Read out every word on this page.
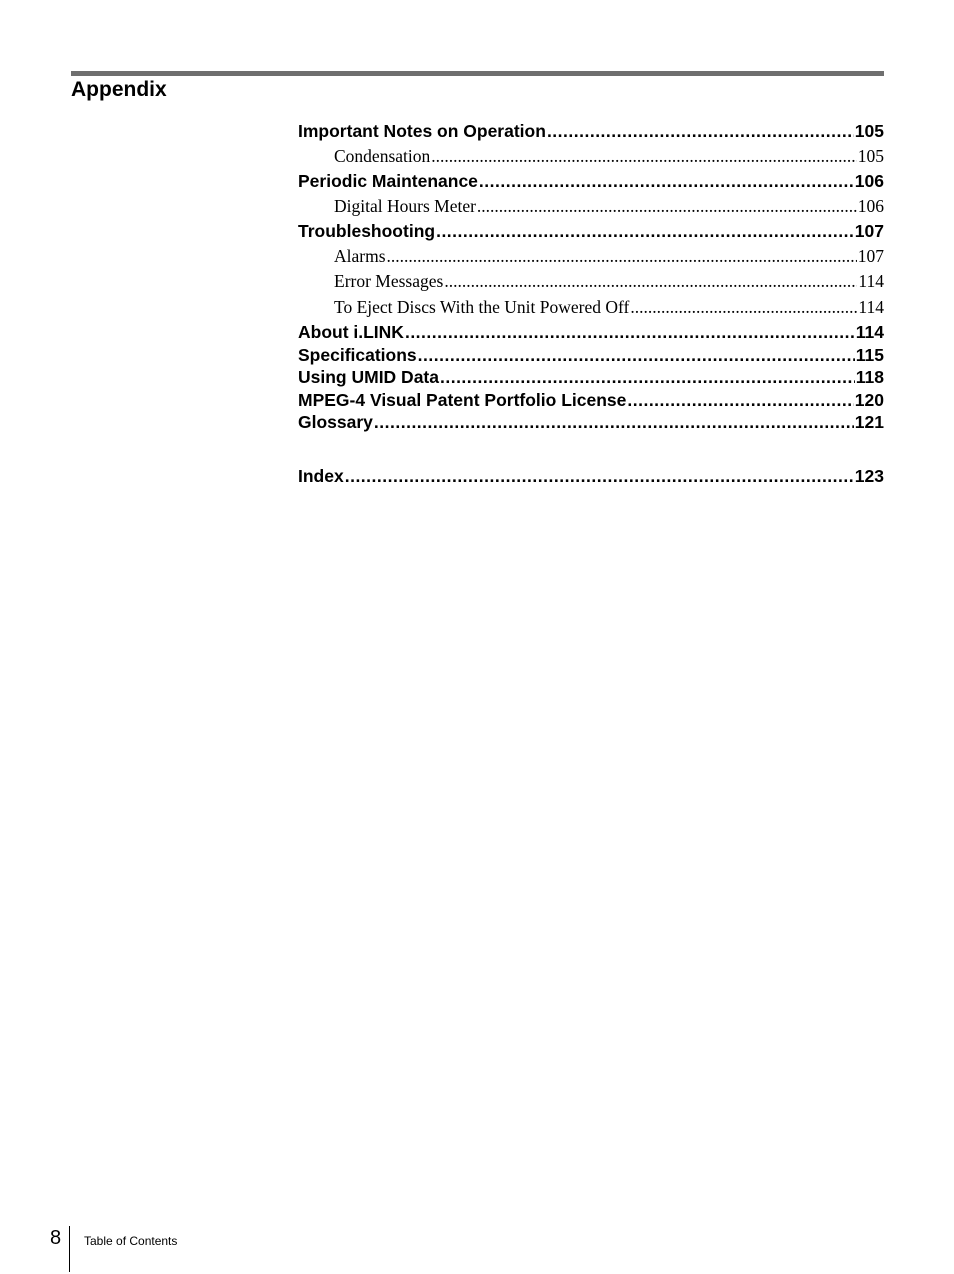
Appendix
Important Notes on Operation .....	105
Condensation .....	105
Periodic Maintenance .....	106
Digital Hours Meter .....	106
Troubleshooting .....	107
Alarms .....	107
Error Messages .....	114
To Eject Discs With the Unit Powered Off .....	114
About i.LINK .....	114
Specifications .....	115
Using UMID Data .....	118
MPEG-4 Visual Patent Portfolio License .....	120
Glossary .....	121
Index .....	123
8 Table of Contents
